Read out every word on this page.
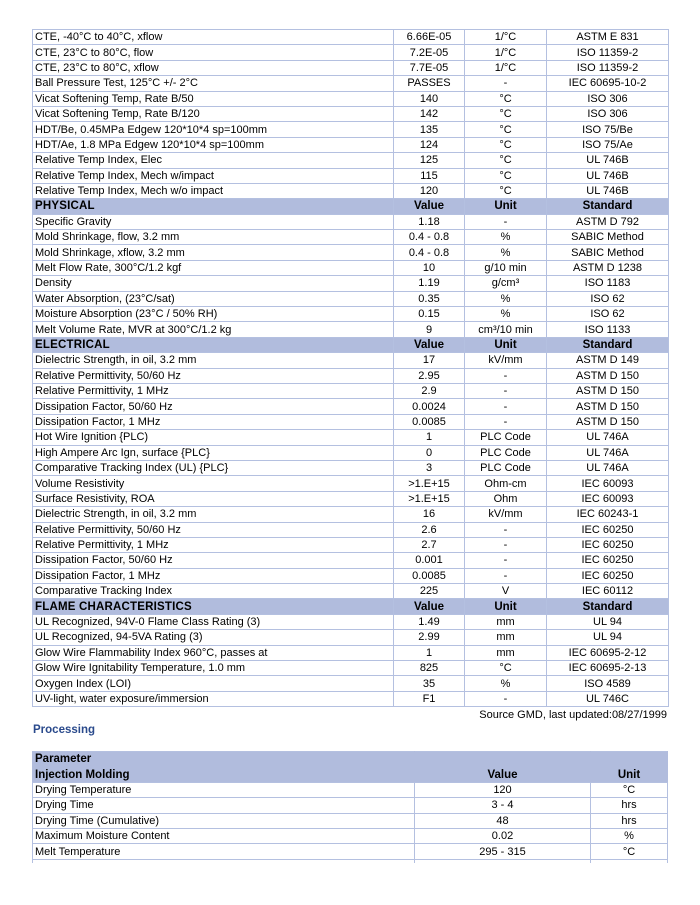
CTE, -40°C to 40°C, xflow	6.66E-05	1/°C	ASTM E 831
CTE, 23°C to 80°C, flow	7.2E-05	1/°C	ISO 11359-2
CTE, 23°C to 80°C, xflow	7.7E-05	1/°C	ISO 11359-2
Ball Pressure Test, 125°C +/- 2°C	PASSES	-	IEC 60695-10-2
Vicat Softening Temp, Rate B/50	140	°C	ISO 306
Vicat Softening Temp, Rate B/120	142	°C	ISO 306
HDT/Be, 0.45MPa Edgew 120*10*4 sp=100mm	135	°C	ISO 75/Be
HDT/Ae, 1.8 MPa Edgew 120*10*4 sp=100mm	124	°C	ISO 75/Ae
Relative Temp Index, Elec	125	°C	UL 746B
Relative Temp Index, Mech w/impact	115	°C	UL 746B
Relative Temp Index, Mech w/o impact	120	°C	UL 746B
PHYSICAL	Value	Unit	Standard
Specific Gravity	1.18	-	ASTM D 792
Mold Shrinkage, flow, 3.2 mm	0.4 - 0.8	%	SABIC Method
Mold Shrinkage, xflow, 3.2 mm	0.4 - 0.8	%	SABIC Method
Melt Flow Rate, 300°C/1.2 kgf	10	g/10 min	ASTM D 1238
Density	1.19	g/cm³	ISO 1183
Water Absorption, (23°C/sat)	0.35	%	ISO 62
Moisture Absorption (23°C / 50% RH)	0.15	%	ISO 62
Melt Volume Rate, MVR at 300°C/1.2 kg	9	cm³/10 min	ISO 1133
ELECTRICAL	Value	Unit	Standard
Dielectric Strength, in oil, 3.2 mm	17	kV/mm	ASTM D 149
Relative Permittivity, 50/60 Hz	2.95	-	ASTM D 150
Relative Permittivity, 1 MHz	2.9	-	ASTM D 150
Dissipation Factor, 50/60 Hz	0.0024	-	ASTM D 150
Dissipation Factor, 1 MHz	0.0085	-	ASTM D 150
Hot Wire Ignition {PLC)	1	PLC Code	UL 746A
High Ampere Arc Ign, surface {PLC}	0	PLC Code	UL 746A
Comparative Tracking Index (UL) {PLC}	3	PLC Code	UL 746A
Volume Resistivity	>1.E+15	Ohm-cm	IEC 60093
Surface Resistivity, ROA	>1.E+15	Ohm	IEC 60093
Dielectric Strength, in oil, 3.2 mm	16	kV/mm	IEC 60243-1
Relative Permittivity, 50/60 Hz	2.6	-	IEC 60250
Relative Permittivity, 1 MHz	2.7	-	IEC 60250
Dissipation Factor, 50/60 Hz	0.001	-	IEC 60250
Dissipation Factor, 1 MHz	0.0085	-	IEC 60250
Comparative Tracking Index	225	V	IEC 60112
FLAME CHARACTERISTICS	Value	Unit	Standard
UL Recognized, 94V-0 Flame Class Rating (3)	1.49	mm	UL 94
UL Recognized, 94-5VA Rating (3)	2.99	mm	UL 94
Glow Wire Flammability Index 960°C, passes at	1	mm	IEC 60695-2-12
Glow Wire Ignitability Temperature, 1.0 mm	825	°C	IEC 60695-2-13
Oxygen Index (LOI)	35	%	ISO 4589
UV-light, water exposure/immersion	F1	-	UL 746C
Source GMD, last updated:08/27/1999
Processing
Parameter		
Injection Molding	Value	Unit
Drying Temperature	120	°C
Drying Time	3 - 4	hrs
Drying Time (Cumulative)	48	hrs
Maximum Moisture Content	0.02	%
Melt Temperature	295 - 315	°C
